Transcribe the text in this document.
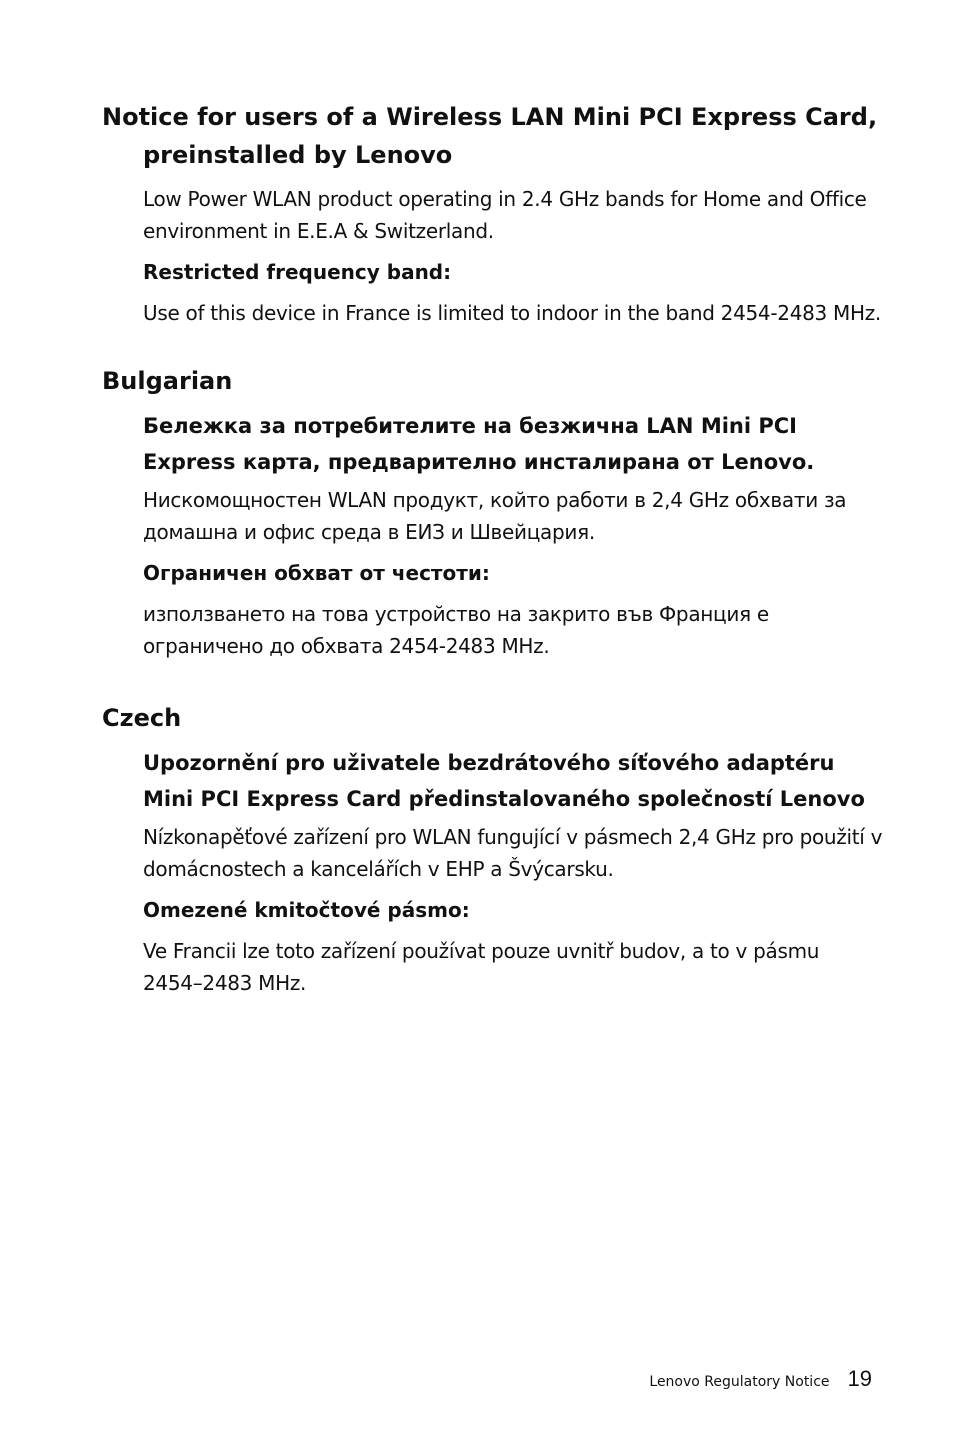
Notice for users of a Wireless LAN Mini PCI Express Card,
preinstalled by Lenovo

Low Power WLAN product operating in 2.4 GHz bands for Home and Office environment in E.E.A & Switzerland.

Restricted frequency band:

Use of this device in France is limited to indoor in the band 2454-2483 MHz.

Bulgarian

Бележка за потребителите на безжична LAN Mini PCI Express карта, предварително инсталирана от Lenovo.

Нискомощностен WLAN продукт, който работи в 2,4 GHz обхвати за домашна и офис среда в ЕИЗ и Швейцария.

Ограничен обхват от честоти:

използването на това устройство на закрито във Франция е ограничено до обхвата 2454-2483 MHz.

Czech

Upozornění pro uživatele bezdrátového síťového adaptéru Mini PCI Express Card předinstalovaného společností Lenovo

Nízkonapěťové zařízení pro WLAN fungující v pásmech 2,4 GHz pro použití v domácnostech a kancelářích v EHP a Švýcarsku.

Omezené kmitočtové pásmo:

Ve Francii lze toto zařízení používat pouze uvnitř budov, a to v pásmu 2454–2483 MHz.

Lenovo Regulatory Notice 19
